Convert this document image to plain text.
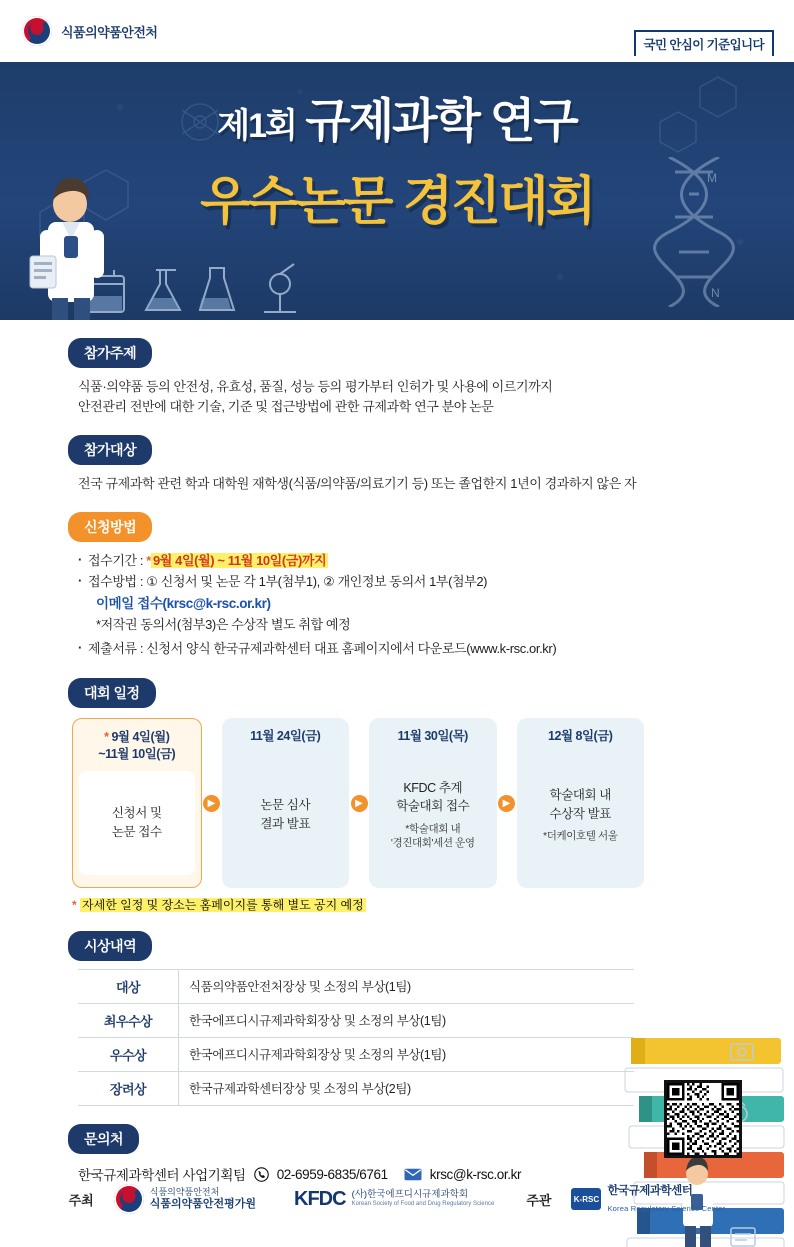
식품의약품안전처
국민 안심이 기준입니다
N
M
제1회 규제과학 연구
우수논문 경진대회
참가주제
식품·의약품 등의 안전성, 유효성, 품질, 성능 등의 평가부터 인허가 및 사용에 이르기까지
안전관리 전반에 대한 기술, 기준 및 접근방법에 관한 규제과학 연구 분야 논문
참가대상
전국 규제과학 관련 학과 대학원 재학생(식품/의약품/의료기기 등) 또는 졸업한지 1년이 경과하지 않은 자
신청방법
· 접수기간 : * 9월 4일(월) ~ 11월 10일(금)까지
· 접수방법 : ① 신청서 및 논문 각 1부(첨부1), ② 개인정보 동의서 1부(첨부2)
이메일 접수(krsc@k-rsc.or.kr)
*저작권 동의서(첨부3)은 수상작 별도 취합 예정
· 제출서류 : 신청서 양식 한국규제과학센터 대표 홈페이지에서 다운로드(www.k-rsc.or.kr)
대회 일정
* 9월 4일(월)
~11월 10일(금)
신청서 및
논문 접수
▶
11월 24일(금)
논문 심사
결과 발표
▶
11월 30일(목)
KFDC 추계
학술대회 접수
*학술대회 내
'경진대회'세션 운영
▶
12월 8일(금)
학술대회 내
수상작 발표
*더케이호텔 서울
* 자세한 일정 및 장소는 홈페이지를 통해 별도 공지 예정
시상내역
대상	식품의약품안전처장상 및 소정의 부상(1팀)
최우수상	한국에프디시규제과학회장상 및 소정의 부상(1팀)
우수상	한국에프디시규제과학회장상 및 소정의 부상(1팀)
장려상	한국규제과학센터장상 및 소정의 부상(2팀)
문의처
한국규제과학센터 사업기획팀 02-6959-6835/6761	krsc@k-rsc.or.kr
주최
식품의약품안전처
식품의약품안전평가원 KFDC (사)한국에프디시규제과학회
Korean Society of Food and Drug Regulatory Science 주관	K-RSC
한국규제과학센터
Korea Regulatory Science Center
